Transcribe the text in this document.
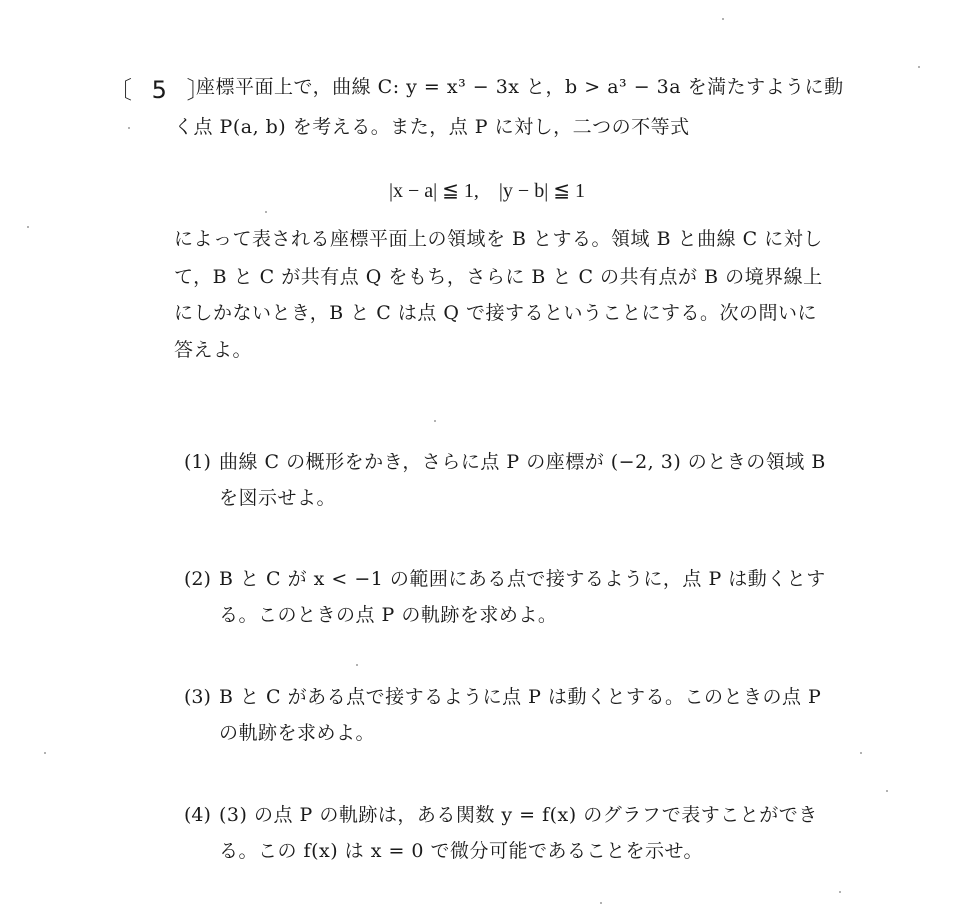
〔 5 〕
座標平面上で，曲線 C: y = x³ − 3x と，b > a³ − 3a を満たすように動
く点 P(a, b) を考える。また，点 P に対し，二つの不等式
|x − a| ≦ 1,　|y − b| ≦ 1
によって表される座標平面上の領域を B とする。領域 B と曲線 C に対し
て，B と C が共有点 Q をもち，さらに B と C の共有点が B の境界線上
にしかないとき，B と C は点 Q で接するということにする。次の問いに
答えよ。
(1) 曲線 C の概形をかき，さらに点 P の座標が (−2, 3) のときの領域 B
を図示せよ。
(2) B と C が x < −1 の範囲にある点で接するように，点 P は動くとす
る。このときの点 P の軌跡を求めよ。
(3) B と C がある点で接するように点 P は動くとする。このときの点 P
の軌跡を求めよ。
(4) (3) の点 P の軌跡は，ある関数 y = f(x) のグラフで表すことができ
る。この f(x) は x = 0 で微分可能であることを示せ。
